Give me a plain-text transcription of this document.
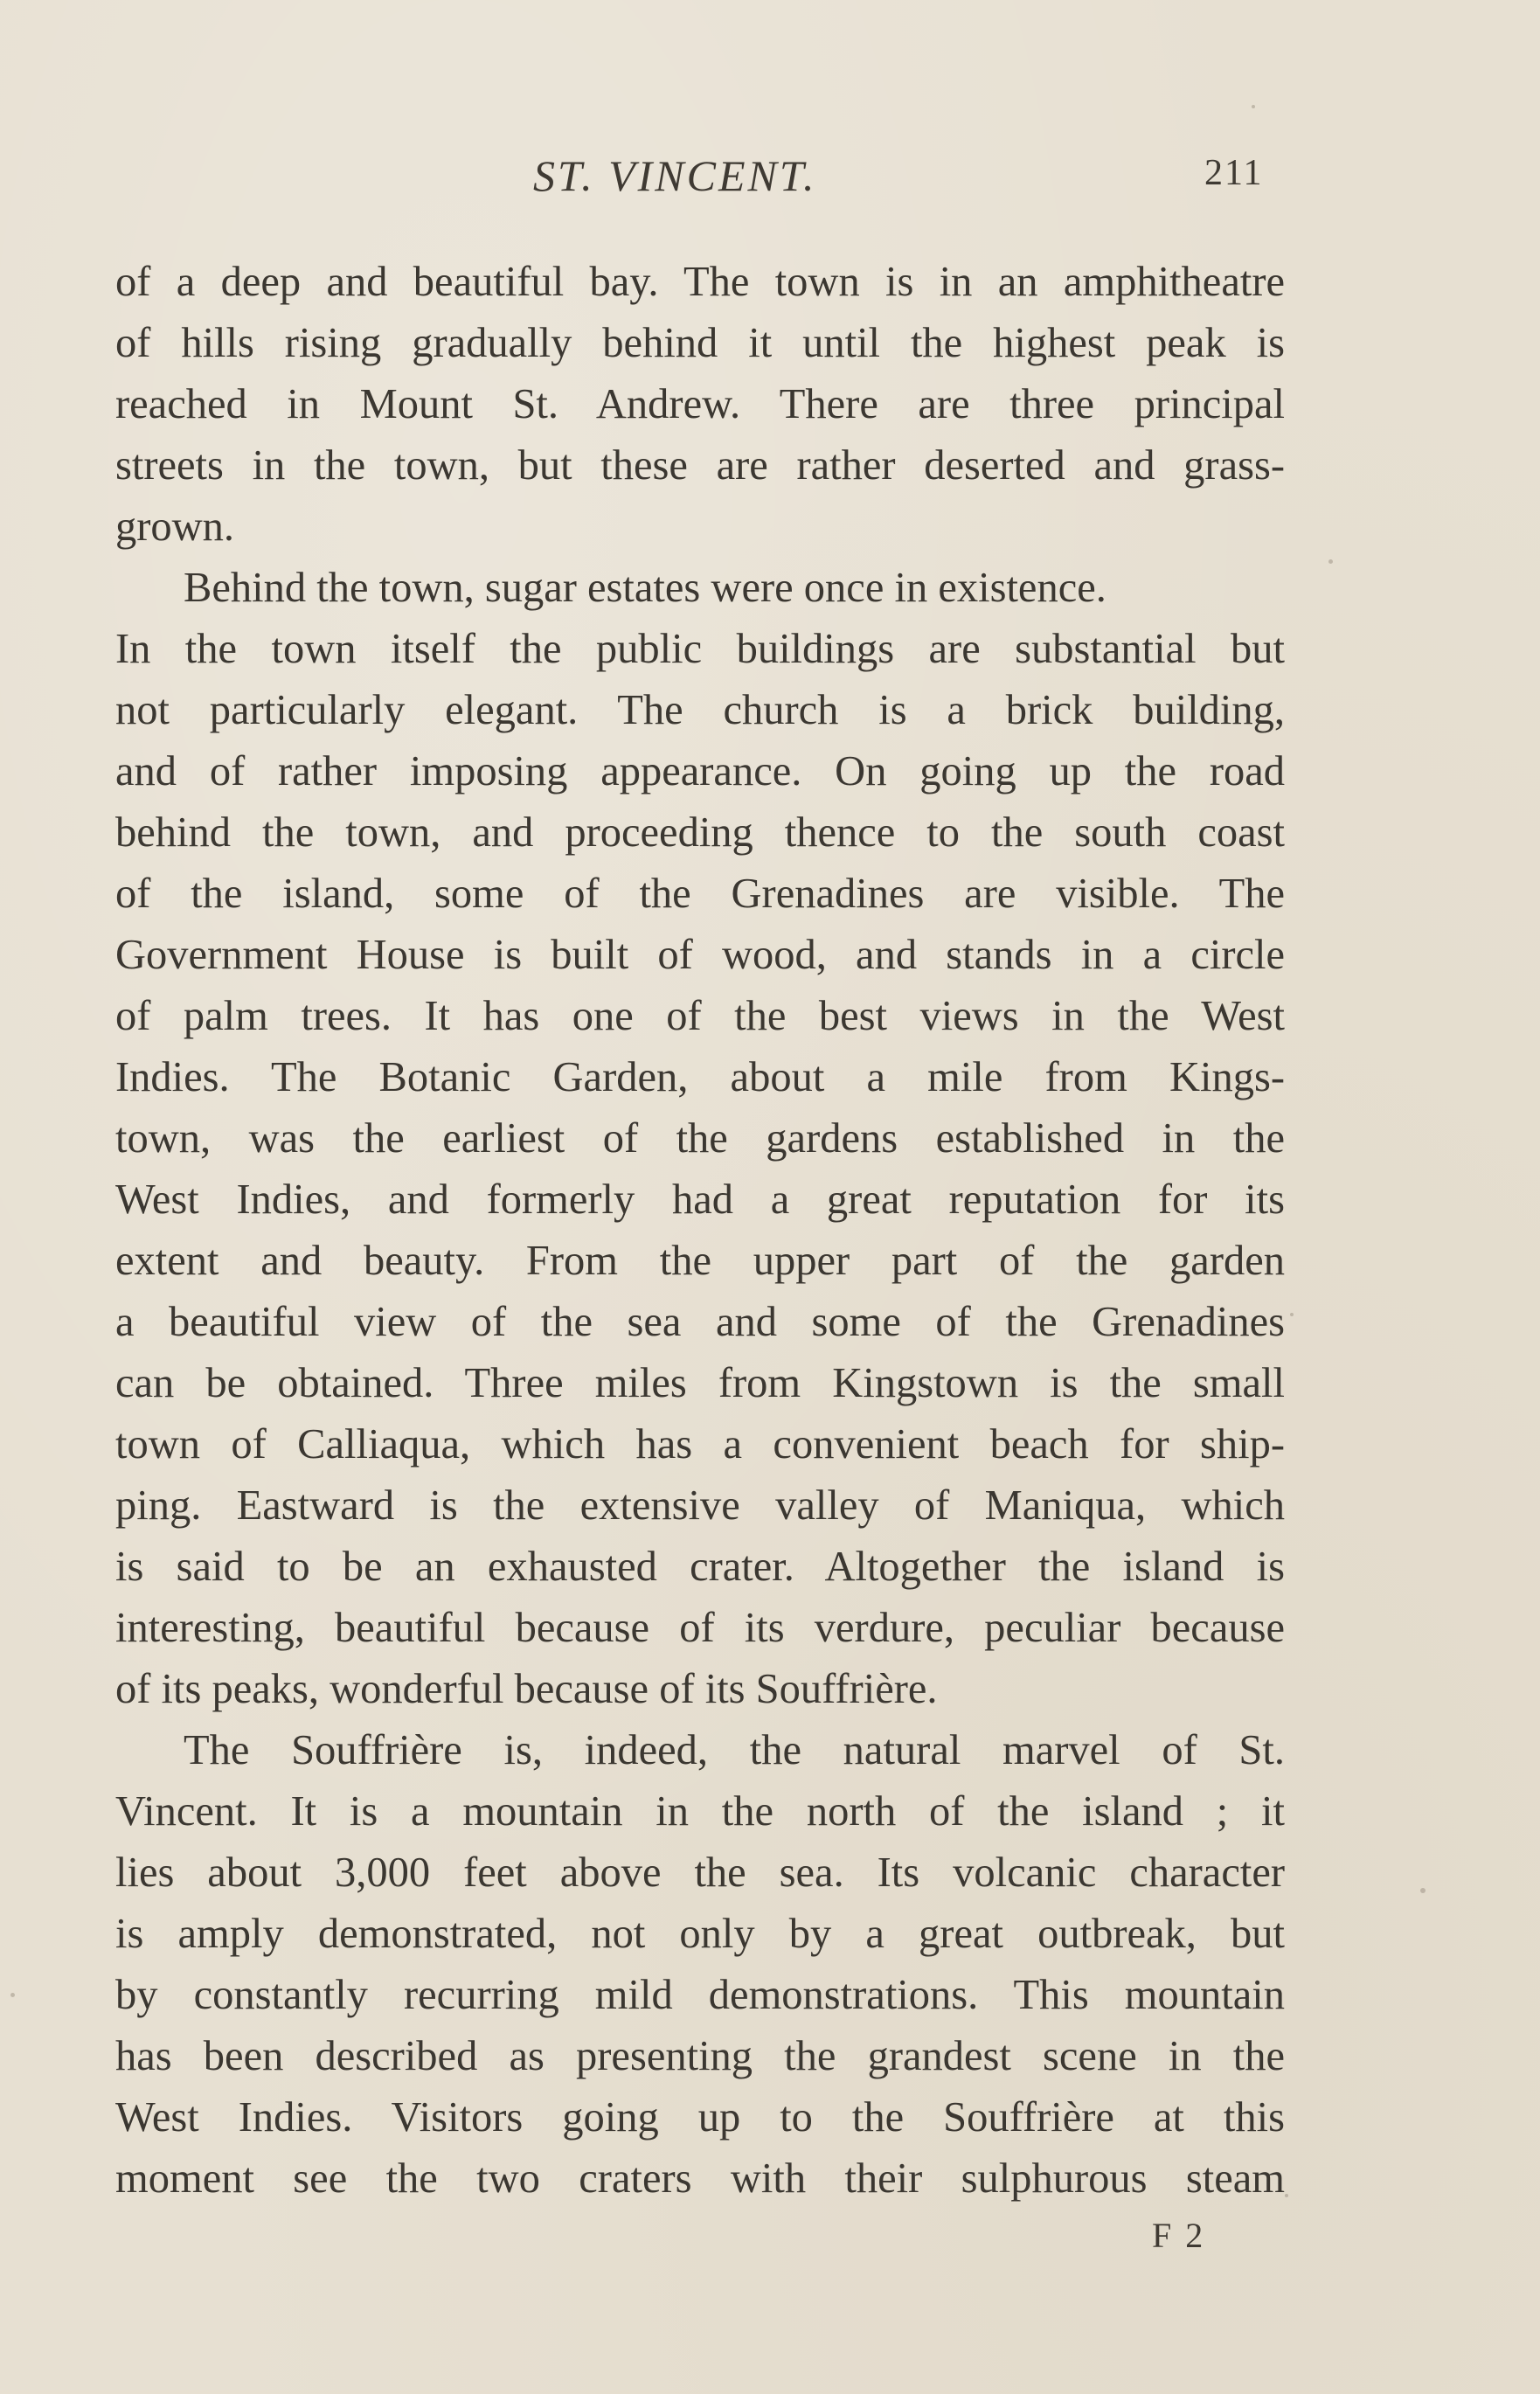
ST. VINCENT.	211
of a deep and beautiful bay. The town is in an amphitheatre
of hills rising gradually behind it until the highest peak is
reached in Mount St. Andrew. There are three principal
streets in the town, but these are rather deserted and grass-
grown.
Behind the town, sugar estates were once in existence.
In the town itself the public buildings are substantial but
not particularly elegant. The church is a brick building,
and of rather imposing appearance. On going up the road
behind the town, and proceeding thence to the south coast
of the island, some of the Grenadines are visible. The
Government House is built of wood, and stands in a circle
of palm trees. It has one of the best views in the West
Indies. The Botanic Garden, about a mile from Kings-
town, was the earliest of the gardens established in the
West Indies, and formerly had a great reputation for its
extent and beauty. From the upper part of the garden
a beautiful view of the sea and some of the Grenadines
can be obtained. Three miles from Kingstown is the small
town of Calliaqua, which has a convenient beach for ship-
ping. Eastward is the extensive valley of Maniqua, which
is said to be an exhausted crater. Altogether the island is
interesting, beautiful because of its verdure, peculiar because
of its peaks, wonderful because of its Souffrière.
The Souffrière is, indeed, the natural marvel of St.
Vincent. It is a mountain in the north of the island ; it
lies about 3,000 feet above the sea. Its volcanic character
is amply demonstrated, not only by a great outbreak, but
by constantly recurring mild demonstrations. This mountain
has been described as presenting the grandest scene in the
West Indies. Visitors going up to the Souffrière at this
moment see the two craters with their sulphurous steam
F 2
